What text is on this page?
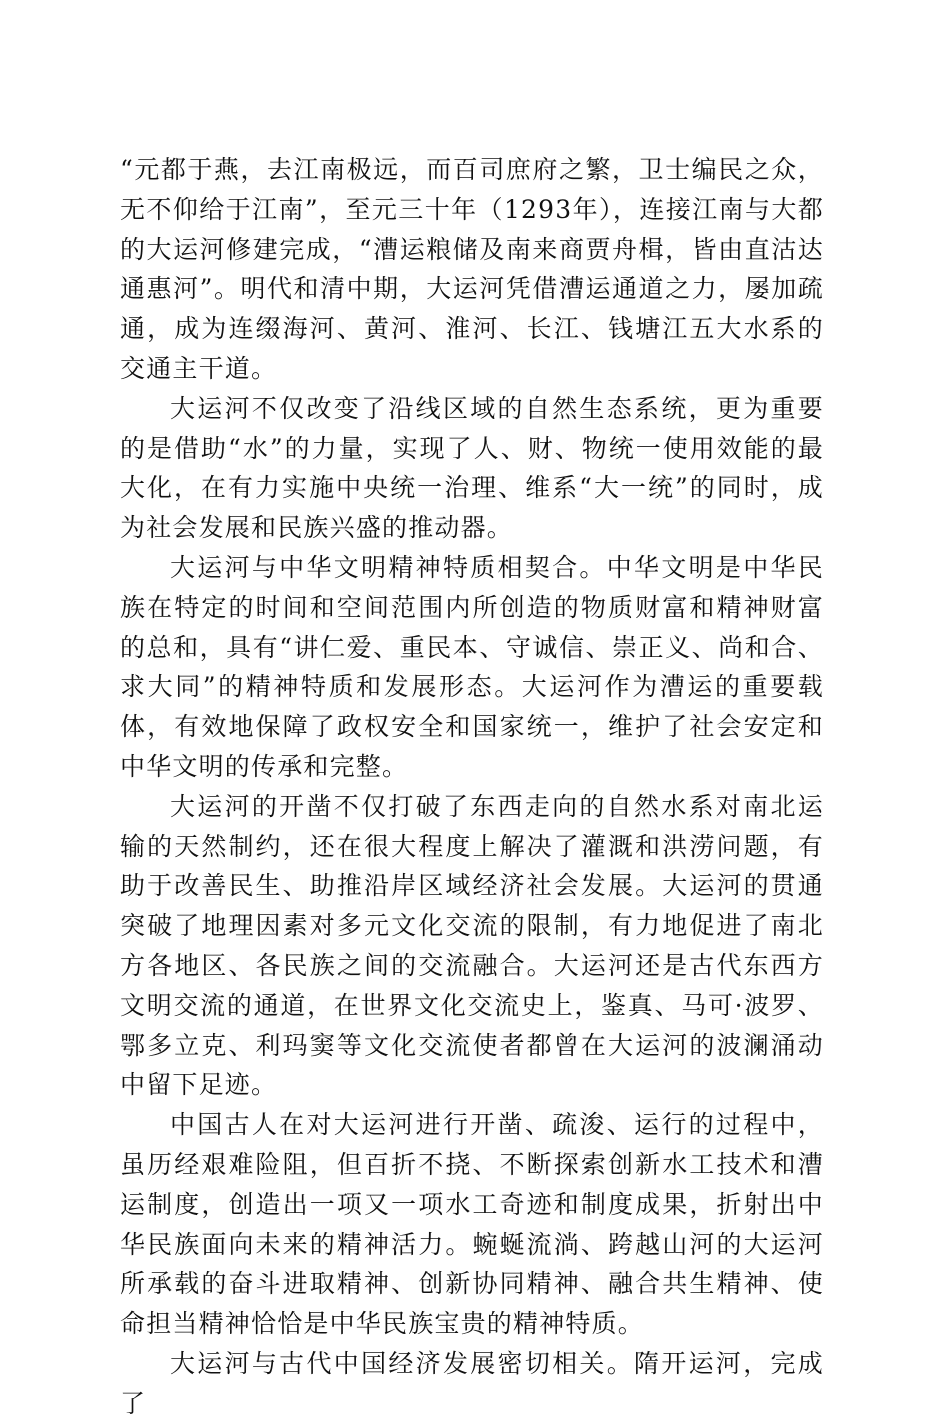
“元都于燕，去江南极远，而百司庶府之繁，卫士编民之众，无不仰给于江南”，至元三十年（1293年），连接江南与大都的大运河修建完成，“漕运粮储及南来商贾舟楫，皆由直沽达通惠河”。明代和清中期，大运河凭借漕运通道之力，屡加疏通，成为连缀海河、黄河、淮河、长江、钱塘江五大水系的交通主干道。

大运河不仅改变了沿线区域的自然生态系统，更为重要的是借助“水”的力量，实现了人、财、物统一使用效能的最大化，在有力实施中央统一治理、维系“大一统”的同时，成为社会发展和民族兴盛的推动器。

大运河与中华文明精神特质相契合。中华文明是中华民族在特定的时间和空间范围内所创造的物质财富和精神财富的总和，具有“讲仁爱、重民本、守诚信、崇正义、尚和合、求大同”的精神特质和发展形态。大运河作为漕运的重要载体，有效地保障了政权安全和国家统一，维护了社会安定和中华文明的传承和完整。

大运河的开凿不仅打破了东西走向的自然水系对南北运输的天然制约，还在很大程度上解决了灌溉和洪涝问题，有助于改善民生、助推沿岸区域经济社会发展。大运河的贯通突破了地理因素对多元文化交流的限制，有力地促进了南北方各地区、各民族之间的交流融合。大运河还是古代东西方文明交流的通道，在世界文化交流史上，鉴真、马可·波罗、鄂多立克、利玛窦等文化交流使者都曾在大运河的波澜涌动中留下足迹。

中国古人在对大运河进行开凿、疏浚、运行的过程中，虽历经艰难险阻，但百折不挠、不断探索创新水工技术和漕运制度，创造出一项又一项水工奇迹和制度成果，折射出中华民族面向未来的精神活力。蜿蜒流淌、跨越山河的大运河所承载的奋斗进取精神、创新协同精神、融合共生精神、使命担当精神恰恰是中华民族宝贵的精神特质。

大运河与古代中国经济发展密切相关。隋开运河，完成了
